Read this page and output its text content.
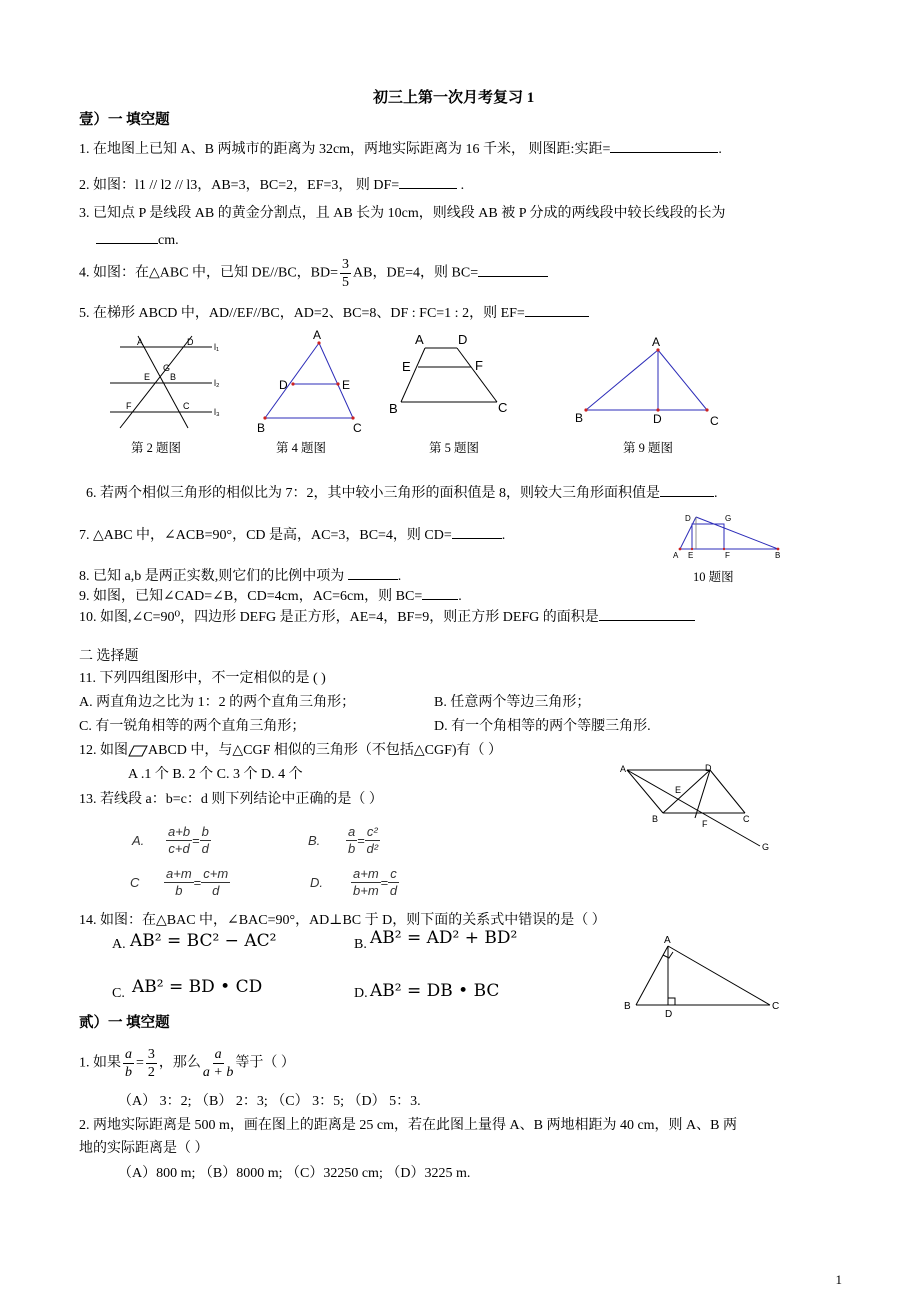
初三上第一次月考复习 1
壹）一 填空题
1. 在地图上已知 A、B 两城市的距离为 32cm，两地实际距离为 16 千米， 则图距:实距=	.
2. 如图：l1 // l2 // l3，AB=3，BC=2，EF=3， 则 DF=	.
3. 已知点 P 是线段 AB 的黄金分割点，且 AB 长为 10cm，则线段 AB 被 P 分成的两线段中较长线段的长为
cm.
4. 如图：在△ABC 中，已知 DE//BC，$BD= \frac{3}{5}$ AB，DE=4，则 BC=
5. 在梯形 ABCD 中，AD//EF//BC，AD=2、BC=8、DF : FC=1 : 2，则 EF=
A	D l₁
G
E B
l₂
F	C
l₃
第 2 题图
A
D	E
B	C
第 4 题图
A	D
E	F
B	C
第 5 题图
A
B	D	C
第 9 题图
6. 若两个相似三角形的相似比为 7：2，其中较小三角形的面积值是 8，则较大三角形面积值是	.
D	G
A E	F	B
7. △ABC 中，∠ACB=90°，CD 是高，AC=3，BC=4，则 CD=	.
8. 已知 a,b 是两正实数,则它们的比例中项为	.	10 题图
9. 如图，已知∠CAD=∠B，CD=4cm，AC=6cm，则 BC=	.
10. 如图,∠C=90⁰，四边形 DEFG 是正方形，AE=4，BF=9，则正方形 DEFG 的面积是
二 选择题
11. 下列四组图形中，不一定相似的是 ( )
A. 两直角边之比为 1：2 的两个直角三角形；	B. 任意两个等边三角形；
C. 有一锐角相等的两个直角三角形；	D. 有一个角相等的两个等腰三角形.
12. 如图 ABCD 中，与△CGF 相似的三角形（不包括△CGF)有（ ）
A .1 个 B. 2 个 C. 3 个 D. 4 个	A	D
E
B	F	C
G
13. 若线段 a：b=c：d 则下列结论中正确的是（ ）
A. $\frac{a+b}{c+d} = \frac{b}{d}$	B. $\frac{a}{b} = \frac{\text{c²}}{\text{d²}}$
C $\frac{a+m}{b} = \frac{c+m}{d}$	D. $\frac{a+m}{b+m} = \frac{c}{d}$
14. 如图：在△BAC 中，∠BAC=90°，AD⊥BC 于 D，则下面的关系式中错误的是（ ）
A. AB² = BC² − AC²	B. AB² = AD² + BD²
C. AB² = BD • CD	D. AB² = DB • BC
A
B
D
C
贰）一 填空题
1. 如果 $\frac{a}{b} = \frac{3}{2}$ ，那么 $\frac{a}{a + b}$ 等于（ ）
（A） 3：2; （B） 2：3; （C） 3：5; （D） 5：3.
2. 两地实际距离是 500 m，画在图上的距离是 25 cm，若在此图上量得 A、B 两地相距为 40 cm，则 A、B 两
地的实际距离是（ ）
（A）800 m; （B）8000 m; （C）32250 cm; （D）3225 m.
1
